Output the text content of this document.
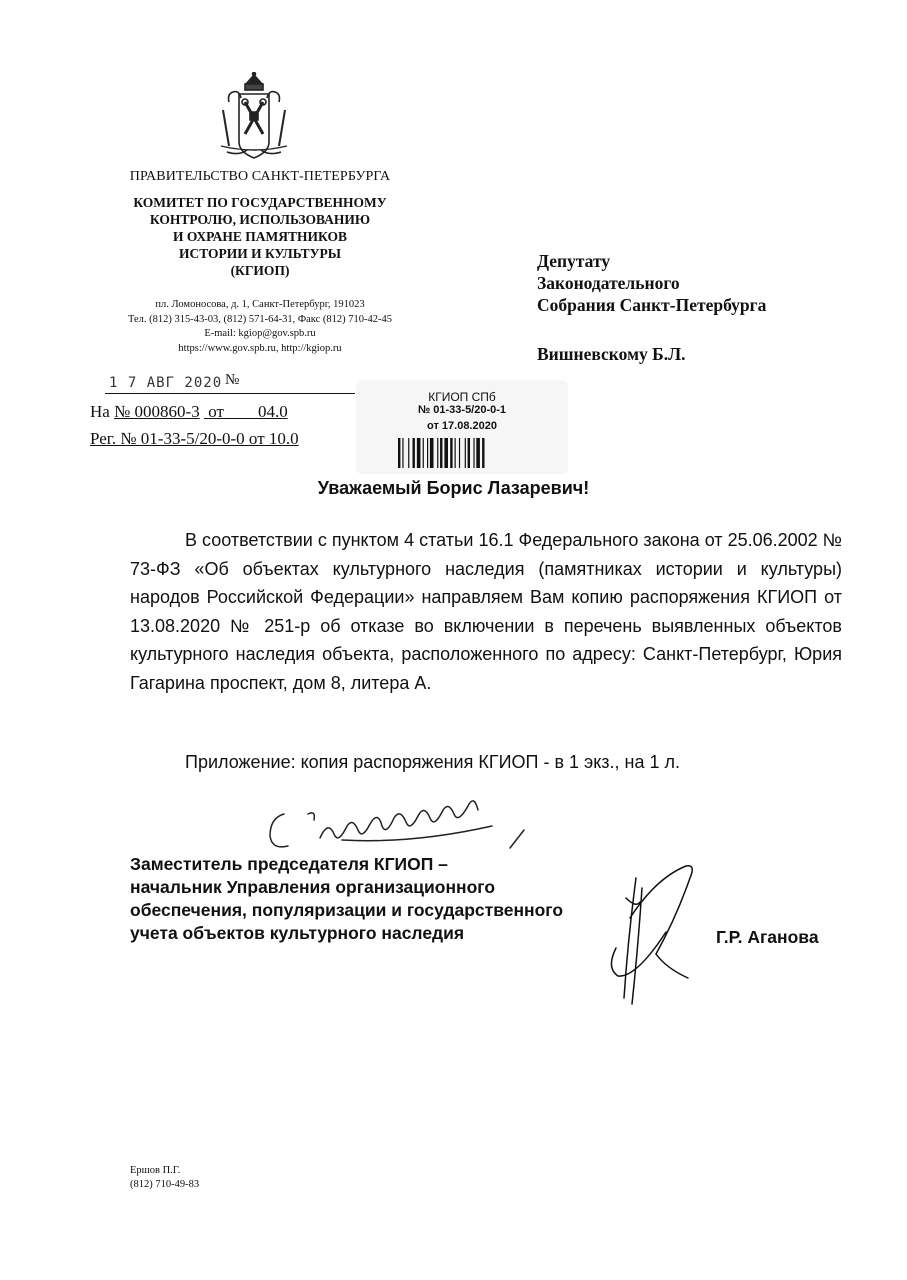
ПРАВИТЕЛЬСТВО САНКТ-ПЕТЕРБУРГА
КОМИТЕТ ПО ГОСУДАРСТВЕННОМУ
КОНТРОЛЮ, ИСПОЛЬЗОВАНИЮ
И ОХРАНЕ ПАМЯТНИКОВ
ИСТОРИИ И КУЛЬТУРЫ
(КГИОП)
пл. Ломоносова, д. 1, Санкт-Петербург, 191023
Тел. (812) 315-43-03, (812) 571-64-31, Факс (812) 710-42-45
E-mail: kgiop@gov.spb.ru
https://www.gov.spb.ru, http://kgiop.ru
1 7 АВГ 2020 №
На № 000860-3 от 04.0
Рег. № 01-33-5/20-0-0 от 10.0
КГИОП СПб
№ 01-33-5/20-0-1
от 17.08.2020
Депутату
Законодательного
Собрания Санкт-Петербурга
Вишневскому Б.Л.
Уважаемый Борис Лазаревич!
В соответствии с пунктом 4 статьи 16.1 Федерального закона от 25.06.2002 № 73-ФЗ «Об объектах культурного наследия (памятниках истории и культуры) народов Российской Федерации» направляем Вам копию распоряжения КГИОП от 13.08.2020 № 251-р об отказе во включении в перечень выявленных объектов культурного наследия объекта, расположенного по адресу: Санкт-Петербург, Юрия Гагарина проспект, дом 8, литера А.
Приложение: копия распоряжения КГИОП - в 1 экз., на 1 л.
Заместитель председателя КГИОП –
начальник Управления организационного
обеспечения, популяризации и государственного
учета объектов культурного наследия	Г.Р. Аганова
Ершов П.Г.
(812) 710-49-83
